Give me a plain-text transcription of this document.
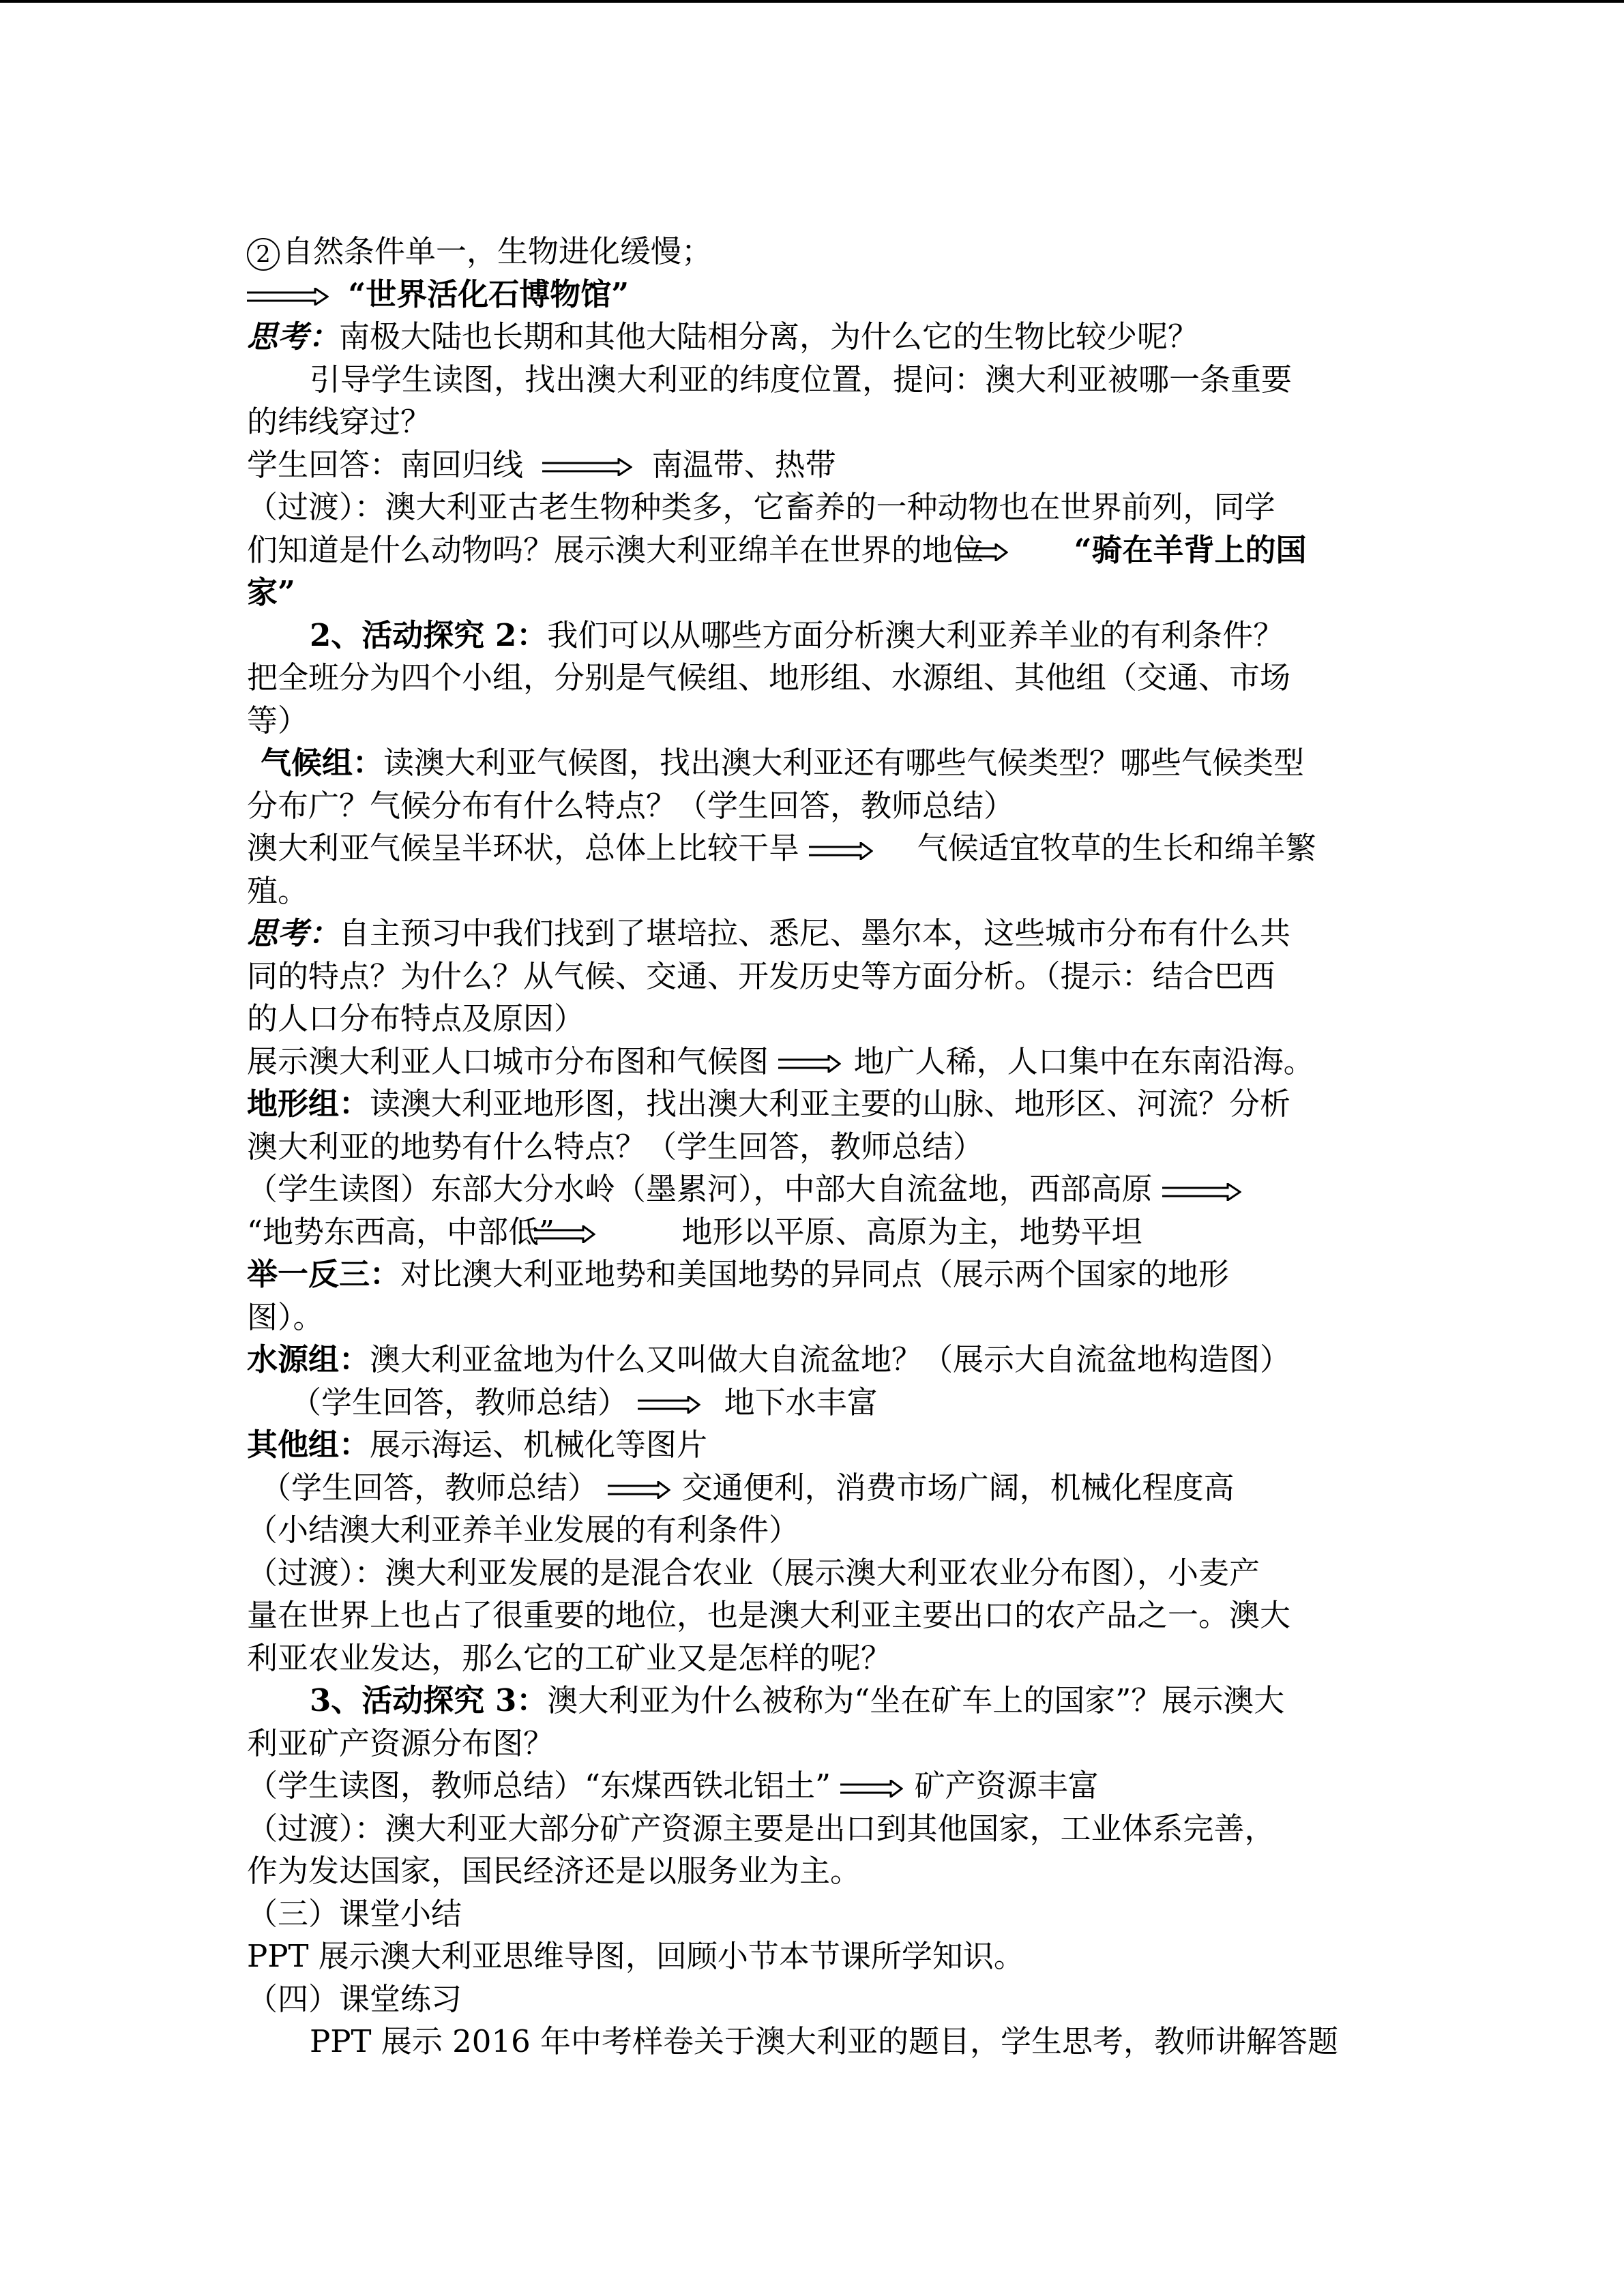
2 自然条件单一，生物进化缓慢；
“世界活化石博物馆”
思考：南极大陆也长期和其他大陆相分离，为什么它的生物比较少呢？
引导学生读图，找出澳大利亚的纬度位置，提问：澳大利亚被哪一条重要
的纬线穿过？
学生回答：南回归线	南温带、热带
（过渡）：澳大利亚古老生物种类多，它畜养的一种动物也在世界前列，同学
们知道是什么动物吗？展示澳大利亚绵羊在世界的地位	“骑在羊背上的国
家”
2、活动探究 2：我们可以从哪些方面分析澳大利亚养羊业的有利条件？
把全班分为四个小组，分别是气候组、地形组、水源组、其他组（交通、市场
等）
气候组：读澳大利亚气候图，找出澳大利亚还有哪些气候类型？哪些气候类型
分布广？气候分布有什么特点？（学生回答，教师总结）
澳大利亚气候呈半环状，总体上比较干旱	气候适宜牧草的生长和绵羊繁
殖。
思考：自主预习中我们找到了堪培拉、悉尼、墨尔本，这些城市分布有什么共
同的特点？为什么？从气候、交通、开发历史等方面分析。（提示：结合巴西
的人口分布特点及原因）
展示澳大利亚人口城市分布图和气候图	地广人稀，人口集中在东南沿海。
地形组：读澳大利亚地形图，找出澳大利亚主要的山脉、地形区、河流？分析
澳大利亚的地势有什么特点？（学生回答，教师总结）
（学生读图）东部大分水岭（墨累河），中部大自流盆地，西部高原
“地势东西高，中部低”	地形以平原、高原为主，地势平坦
举一反三：对比澳大利亚地势和美国地势的异同点（展示两个国家的地形
图）。
水源组：澳大利亚盆地为什么又叫做大自流盆地？（展示大自流盆地构造图）
（学生回答，教师总结）	地下水丰富
其他组：展示海运、机械化等图片
（学生回答，教师总结）	交通便利，消费市场广阔，机械化程度高
（小结澳大利亚养羊业发展的有利条件）
（过渡）：澳大利亚发展的是混合农业（展示澳大利亚农业分布图），小麦产
量在世界上也占了很重要的地位，也是澳大利亚主要出口的农产品之一。澳大
利亚农业发达，那么它的工矿业又是怎样的呢？
3、活动探究 3：澳大利亚为什么被称为“坐在矿车上的国家”？展示澳大
利亚矿产资源分布图？
（学生读图，教师总结）“东煤西铁北铝土”	矿产资源丰富
（过渡）：澳大利亚大部分矿产资源主要是出口到其他国家，工业体系完善，
作为发达国家，国民经济还是以服务业为主。
（三）课堂小结
PPT 展示澳大利亚思维导图，回顾小节本节课所学知识。
（四）课堂练习
PPT 展示 2016 年中考样卷关于澳大利亚的题目，学生思考，教师讲解答题
